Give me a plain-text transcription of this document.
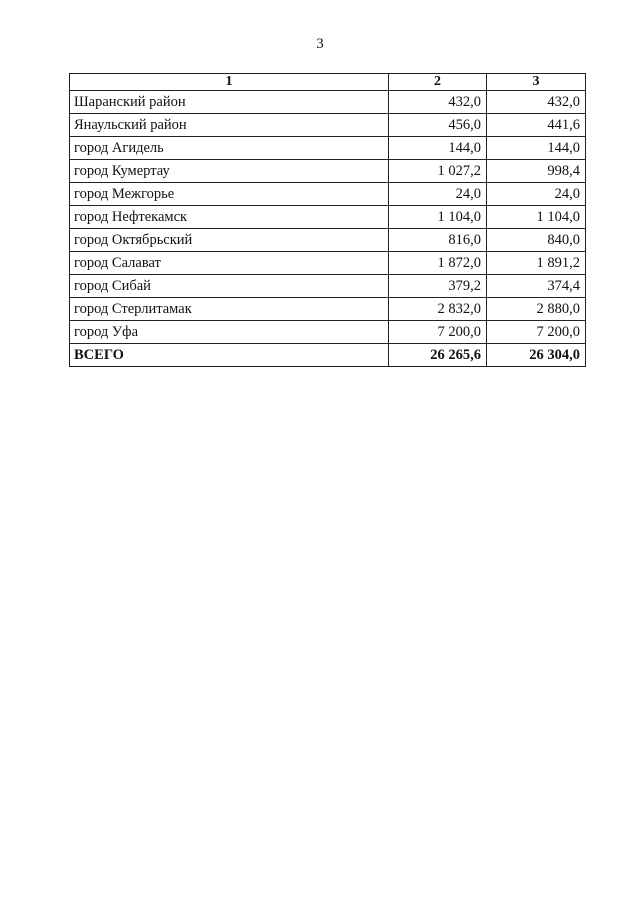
3
1	2	3
Шаранский район	432,0	432,0
Янаульский район	456,0	441,6
город Агидель	144,0	144,0
город Кумертау	1 027,2	998,4
город Межгорье	24,0	24,0
город Нефтекамск	1 104,0	1 104,0
город Октябрьский	816,0	840,0
город Салават	1 872,0	1 891,2
город Сибай	379,2	374,4
город Стерлитамак	2 832,0	2 880,0
город Уфа	7 200,0	7 200,0
ВСЕГО	26 265,6	26 304,0
